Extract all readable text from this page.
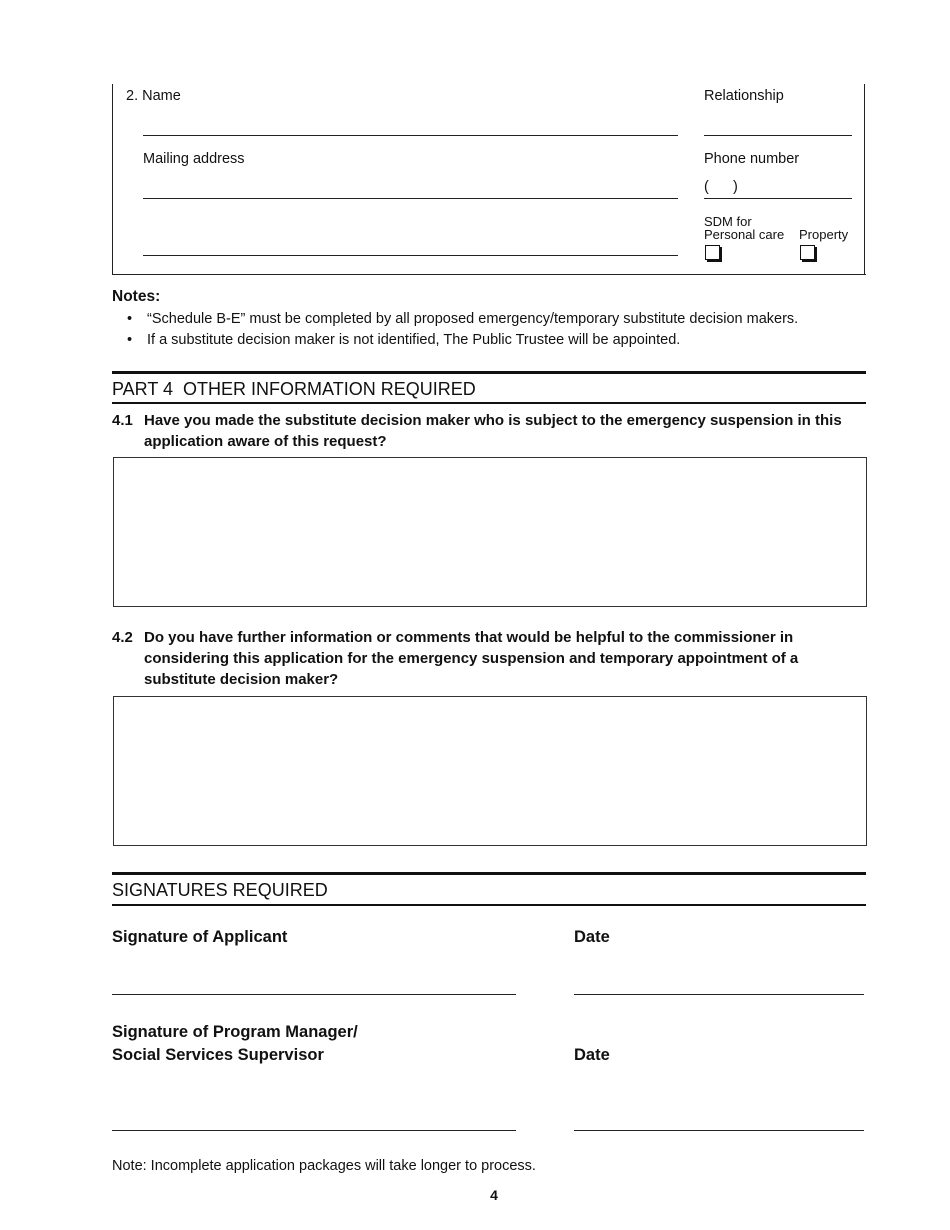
2. Name	Relationship
Mailing address	Phone number
(      )
SDM for
Personal care Property
Notes:
• “Schedule B-E” must be completed by all proposed emergency/temporary substitute decision makers.
• If a substitute decision maker is not identified, The Public Trustee will be appointed.
PART 4  OTHER INFORMATION REQUIRED
4.1 Have you made the substitute decision maker who is subject to the emergency suspension in this application aware of this request?
4.2 Do you have further information or comments that would be helpful to the commissioner in considering this application for the emergency suspension and temporary appointment of a substitute decision maker?
SIGNATURES REQUIRED
Signature of Applicant	Date
Signature of Program Manager/
Social Services Supervisor	Date
Note: Incomplete application packages will take longer to process.
4
